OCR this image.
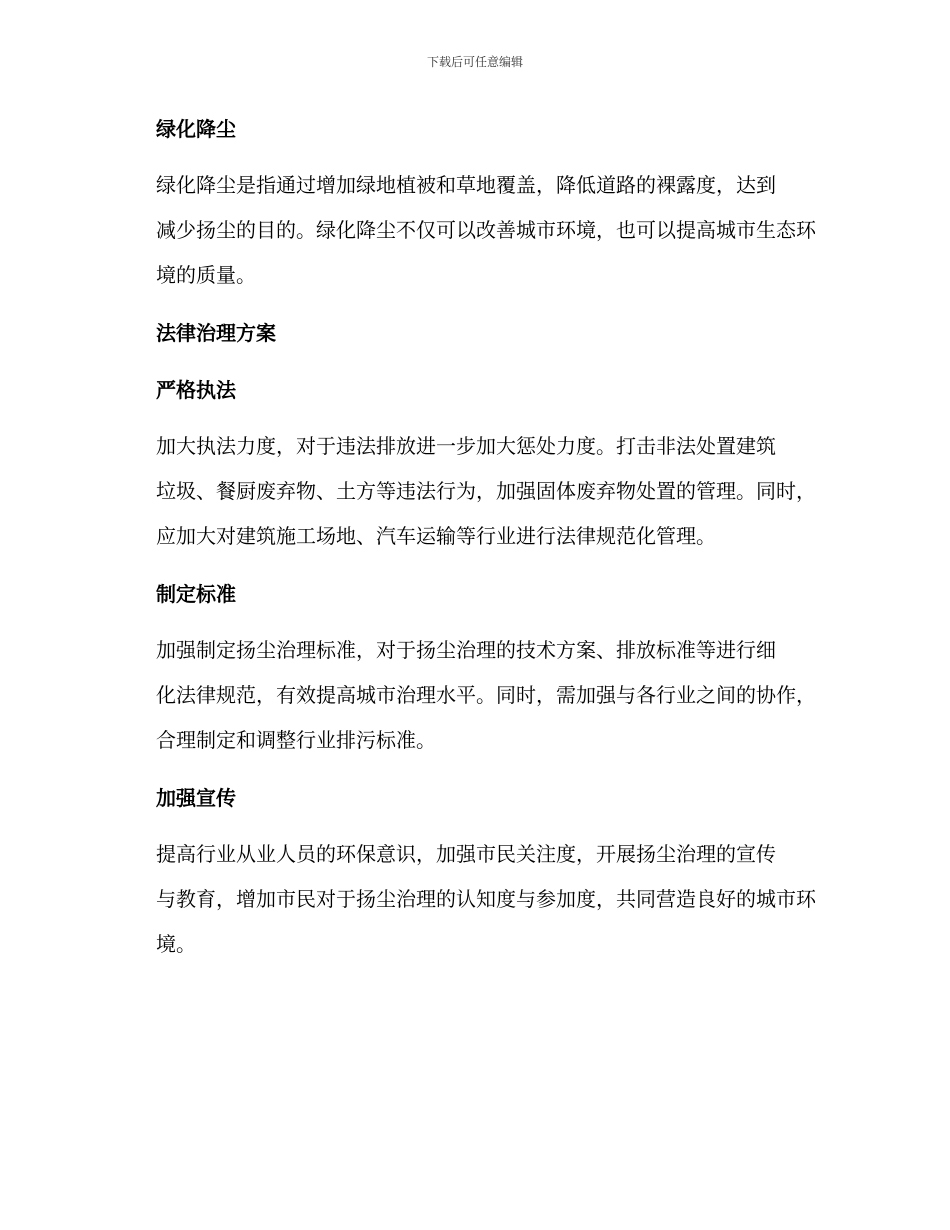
下载后可任意编辑
绿化降尘
绿化降尘是指通过增加绿地植被和草地覆盖，降低道路的裸露度，达到
减少扬尘的目的。绿化降尘不仅可以改善城市环境，也可以提高城市生态环
境的质量。
法律治理方案
严格执法
加大执法力度，对于违法排放进一步加大惩处力度。打击非法处置建筑
垃圾、餐厨废弃物、土方等违法行为，加强固体废弃物处置的管理。同时，
应加大对建筑施工场地、汽车运输等行业进行法律规范化管理。
制定标准
加强制定扬尘治理标准，对于扬尘治理的技术方案、排放标准等进行细
化法律规范，有效提高城市治理水平。同时，需加强与各行业之间的协作，
合理制定和调整行业排污标准。
加强宣传
提高行业从业人员的环保意识，加强市民关注度，开展扬尘治理的宣传
与教育，增加市民对于扬尘治理的认知度与参加度，共同营造良好的城市环
境。
